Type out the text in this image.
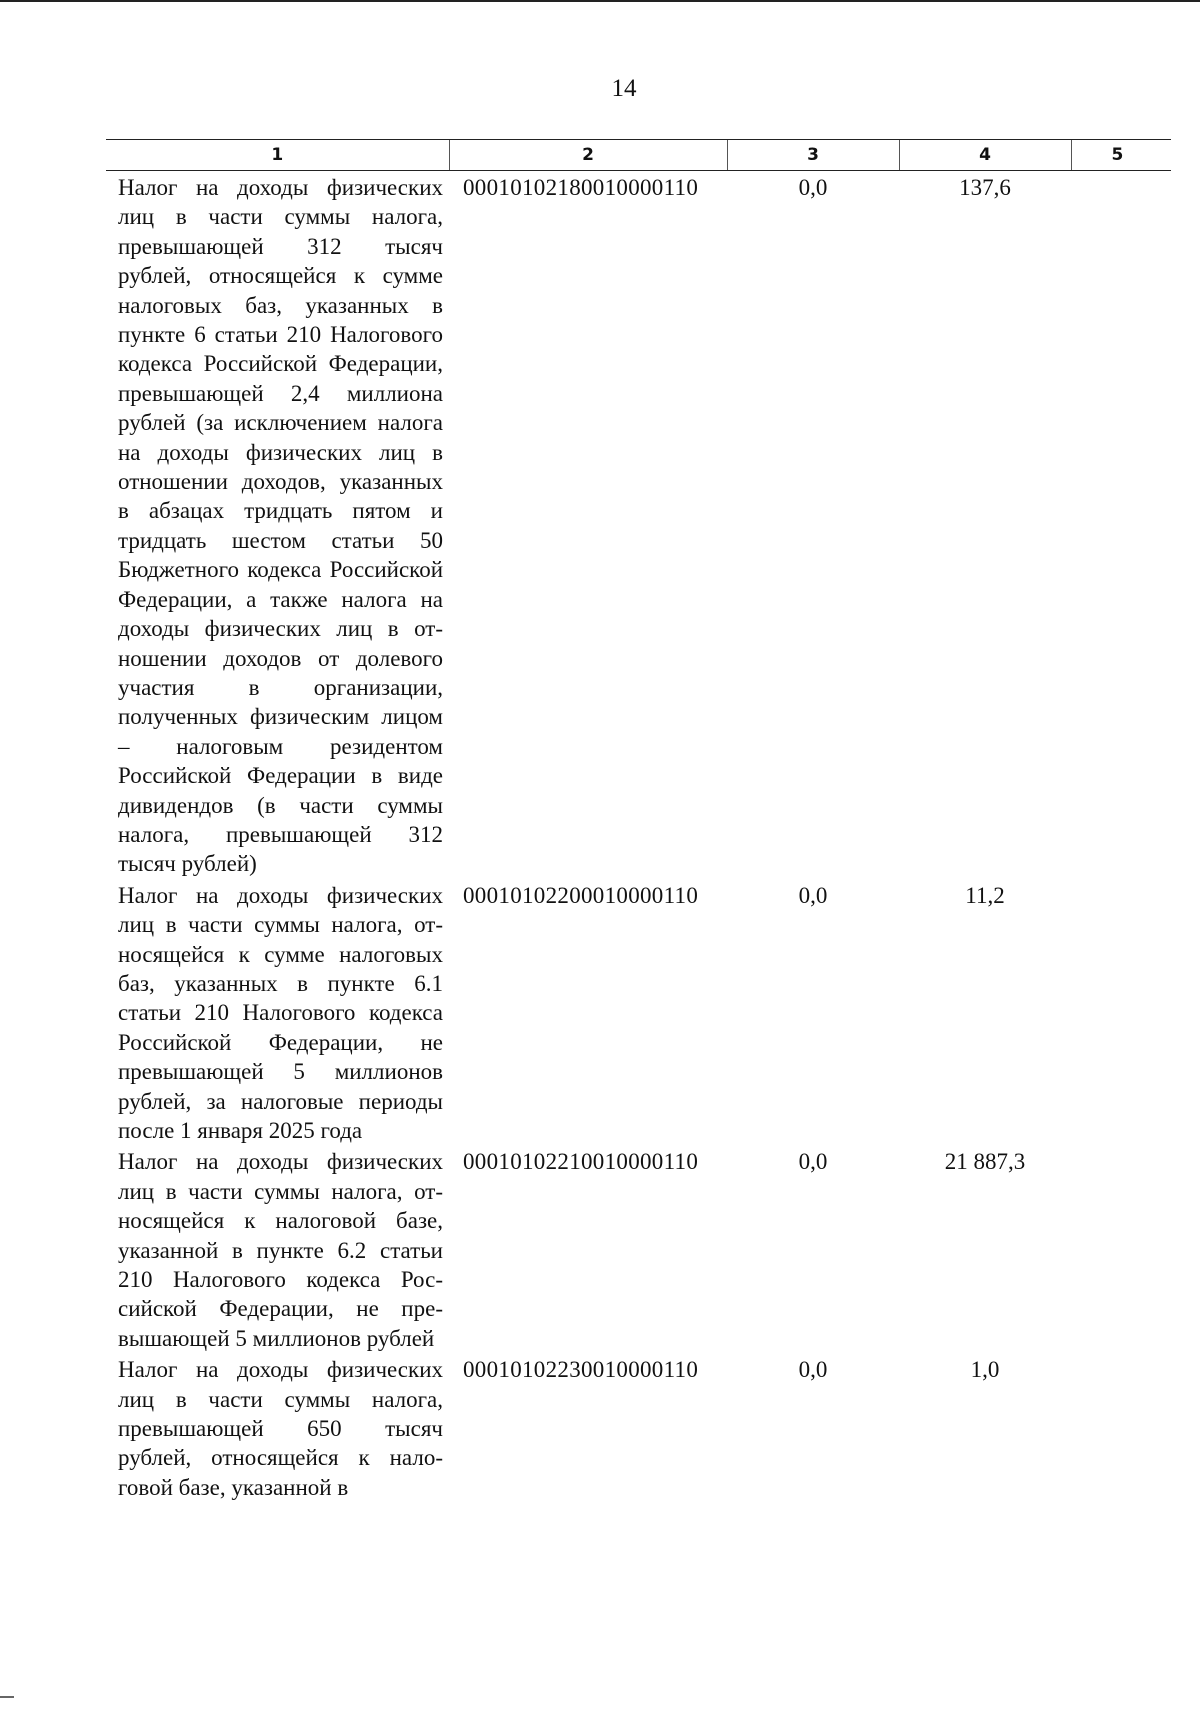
14
1	2	3	4	5
Налог на доходы физических лиц в части суммы налога, превышающей 312 тысяч рублей, относящейся к сумме налоговых баз, указанных в пункте 6 статьи 210 Налогового кодекса Российской Федерации, превышающей 2,4 миллиона рублей (за исключением налога на доходы физических лиц в отношении доходов, указанных в абзацах тридцать пятом и тридцать шестом статьи 50 Бюджетного кодекса Российской Федерации, а также налога на доходы физических лиц в отношении доходов от долевого участия в организации, полученных физическим лицом – налоговым резидентом Российской Федерации в виде дивидендов (в части суммы налога, превышающей 312 тысяч рублей)	00010102180010000110	0,0	137,6	
Налог на доходы физических лиц в части суммы налога, относящейся к сумме налоговых баз, указанных в пункте 6.1 статьи 210 Налогового кодекса Российской Федерации, не превышающей 5 миллионов рублей, за налоговые периоды после 1 января 2025 года	00010102200010000110	0,0	11,2	
Налог на доходы физических лиц в части суммы налога, относящейся к налоговой базе, указанной в пункте 6.2 статьи 210 Налогового кодекса Российской Федерации, не превышающей 5 миллионов рублей	00010102210010000110	0,0	21 887,3	
Налог на доходы физических лиц в части суммы налога, превышающей 650 тысяч рублей, относящейся к налоговой базе, указанной в	00010102230010000110	0,0	1,0	
